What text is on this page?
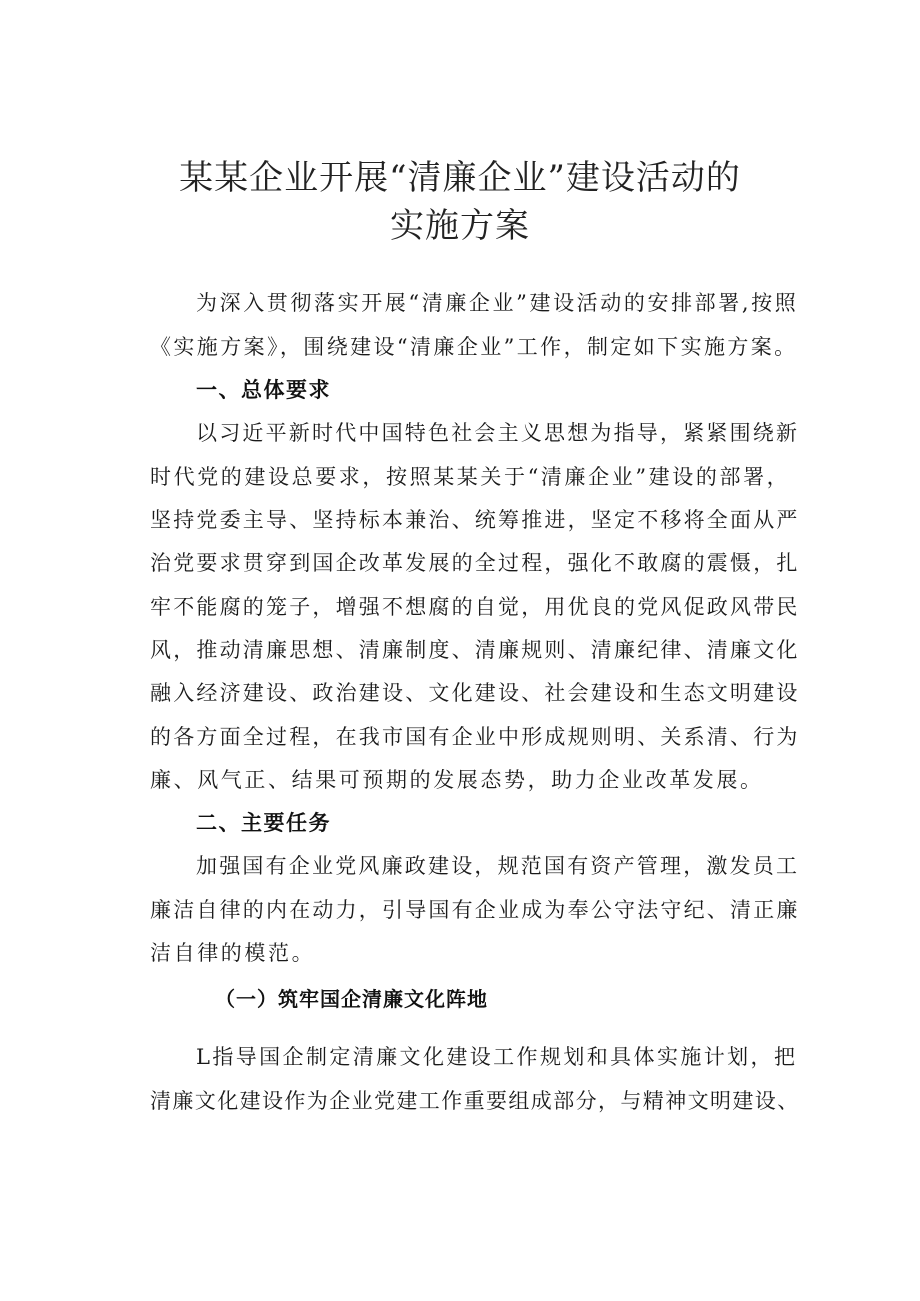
某某企业开展“清廉企业”建设活动的
实施方案
为深入贯彻落实开展“清廉企业”建设活动的安排部署,按照
《实施方案》，围绕建设“清廉企业”工作，制定如下实施方案。
一、总体要求
以习近平新时代中国特色社会主义思想为指导，紧紧围绕新
时代党的建设总要求，按照某某关于“清廉企业”建设的部署，
坚持党委主导、坚持标本兼治、统筹推进，坚定不移将全面从严
治党要求贯穿到国企改革发展的全过程，强化不敢腐的震慑，扎
牢不能腐的笼子，增强不想腐的自觉，用优良的党风促政风带民
风，推动清廉思想、清廉制度、清廉规则、清廉纪律、清廉文化
融入经济建设、政治建设、文化建设、社会建设和生态文明建设
的各方面全过程，在我市国有企业中形成规则明、关系清、行为
廉、风气正、结果可预期的发展态势，助力企业改革发展。
二、主要任务
加强国有企业党风廉政建设，规范国有资产管理，激发员工
廉洁自律的内在动力，引导国有企业成为奉公守法守纪、清正廉
洁自律的模范。
（一）筑牢国企清廉文化阵地
L指导国企制定清廉文化建设工作规划和具体实施计划，把
清廉文化建设作为企业党建工作重要组成部分，与精神文明建设、
